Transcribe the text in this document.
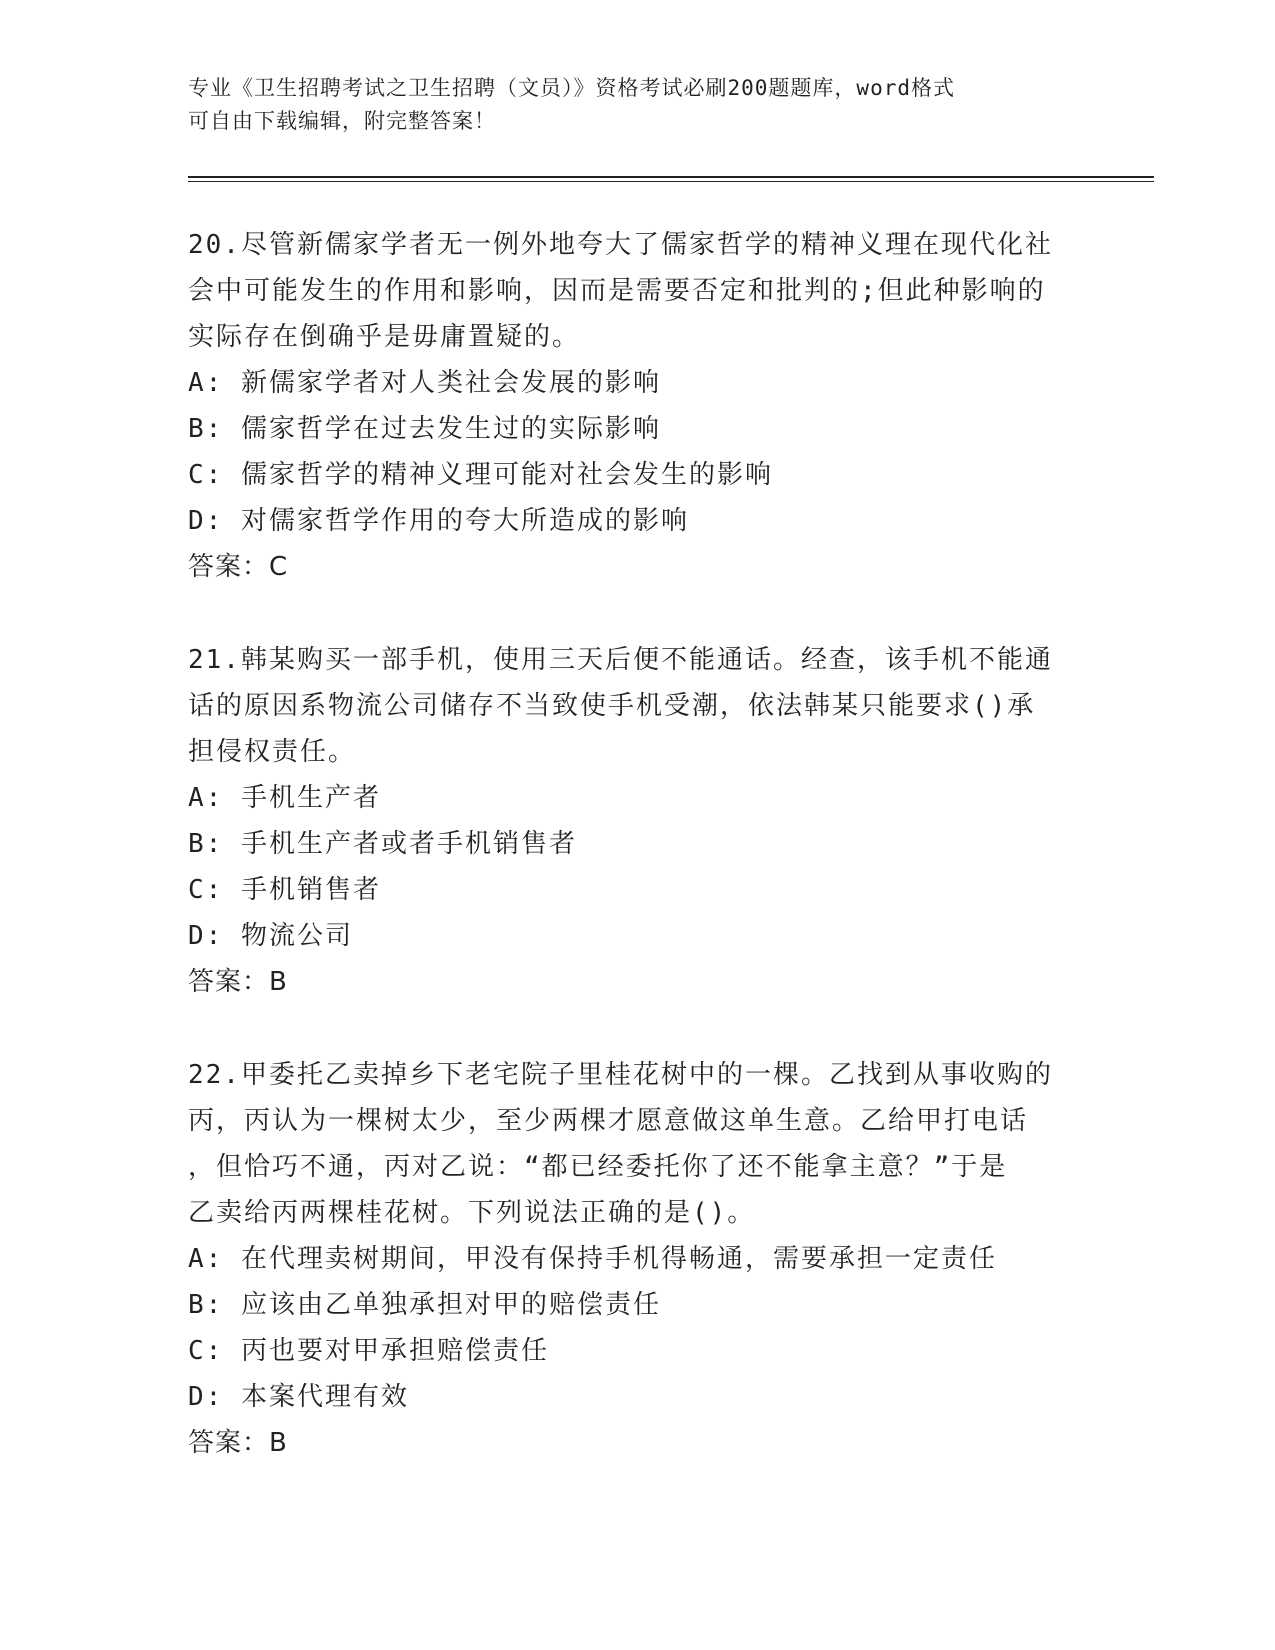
专业《卫生招聘考试之卫生招聘（文员）》资格考试必刷200题题库，word格式
可自由下载编辑，附完整答案！

20.尽管新儒家学者无一例外地夸大了儒家哲学的精神义理在现代化社

会中可能发生的作用和影响，因而是需要否定和批判的;但此种影响的

实际存在倒确乎是毋庸置疑的。

A: 新儒家学者对人类社会发展的影响

B: 儒家哲学在过去发生过的实际影响

C: 儒家哲学的精神义理可能对社会发生的影响

D: 对儒家哲学作用的夸大所造成的影响

答案：C

21.韩某购买一部手机，使用三天后便不能通话。经查，该手机不能通

话的原因系物流公司储存不当致使手机受潮，依法韩某只能要求()承

担侵权责任。

A: 手机生产者

B: 手机生产者或者手机销售者

C: 手机销售者

D: 物流公司

答案：B

22.甲委托乙卖掉乡下老宅院子里桂花树中的一棵。乙找到从事收购的

丙，丙认为一棵树太少，至少两棵才愿意做这单生意。乙给甲打电话

，但恰巧不通，丙对乙说：“都已经委托你了还不能拿主意？”于是

乙卖给丙两棵桂花树。下列说法正确的是()。

A: 在代理卖树期间，甲没有保持手机得畅通，需要承担一定责任

B: 应该由乙单独承担对甲的赔偿责任

C: 丙也要对甲承担赔偿责任

D: 本案代理有效

答案：B
